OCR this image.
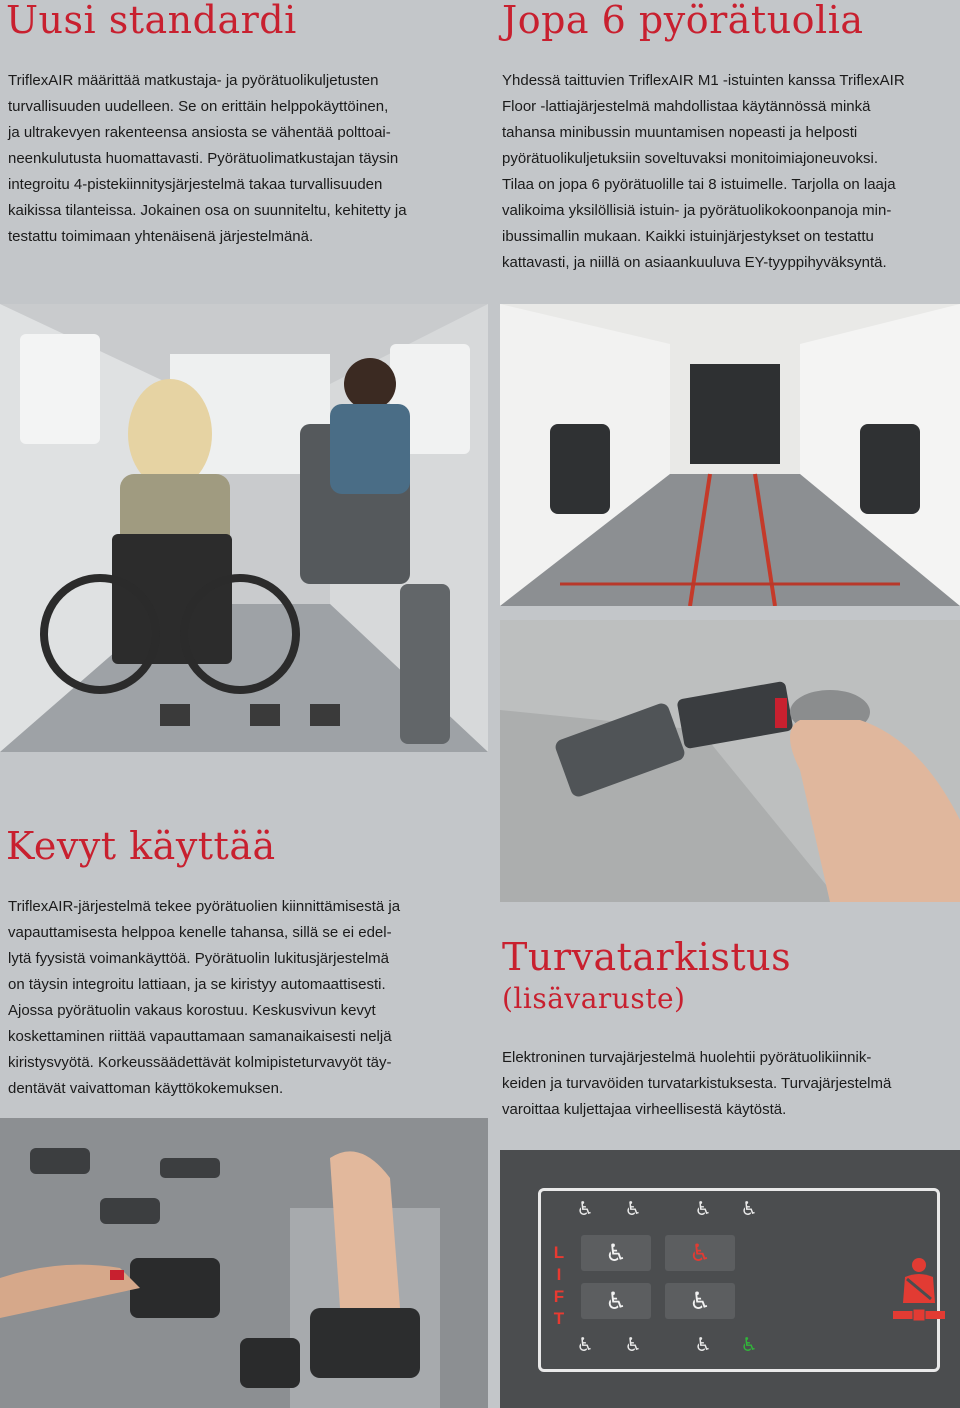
Uusi standardi	Jopa 6 pyörätuolia
Kevyt käyttää
Turvatarkistus
(lisävaruste)

TriflexAIR määrittää matkustaja- ja pyörätuolikuljetusten
turvallisuuden uudelleen. Se on erittäin helppokäyttöinen,
ja ultrakevyen rakenteensa ansiosta se vähentää polttoai-
neenkulutusta huomattavasti. Pyörätuolimatkustajan täysin
integroitu 4-pistekiinnitysjärjestelmä takaa turvallisuuden
kaikissa tilanteissa. Jokainen osa on suunniteltu, kehitetty ja
testattu toimimaan yhtenäisenä järjestelmänä.

Yhdessä taittuvien TriflexAIR M1 -istuinten kanssa TriflexAIR
Floor -lattiajärjestelmä mahdollistaa käytännössä minkä
tahansa minibussin muuntamisen nopeasti ja helposti
pyörätuolikuljetuksiin soveltuvaksi monitoimiajoneuvoksi.
Tilaa on jopa 6 pyörätuolille tai 8 istuimelle. Tarjolla on laaja
valikoima yksilöllisiä istuin- ja pyörätuolikokoonpanoja min-
ibussimallin mukaan. Kaikki istuinjärjestykset on testattu
kattavasti, ja niillä on asiaankuuluva EY-tyyppihyväksyntä.

TriflexAIR-järjestelmä tekee pyörätuolien kiinnittämisestä ja
vapauttamisesta helppoa kenelle tahansa, sillä se ei edel-
lytä fyysistä voimankäyttöä. Pyörätuolin lukitusjärjestelmä
on täysin integroitu lattiaan, ja se kiristyy automaattisesti.
Ajossa pyörätuolin vakaus korostuu. Keskusvivun kevyt
koskettaminen riittää vapauttamaan samanaikaisesti neljä
kiristysvyötä. Korkeussäädettävät kolmipisteturvavyöt täy-
dentävät vaivattoman käyttökokemuksen.

Elektroninen turvajärjestelmä huolehtii pyörätuolikiinnik-
keiden ja turvavöiden turvatarkistuksesta. Turvajärjestelmä
varoittaa kuljettajaa virheellisestä käytöstä.

L
I
F
T
♿ ♿	♿ ♿
♿	♿
♿	♿
♿ ♿	♿ ♿
